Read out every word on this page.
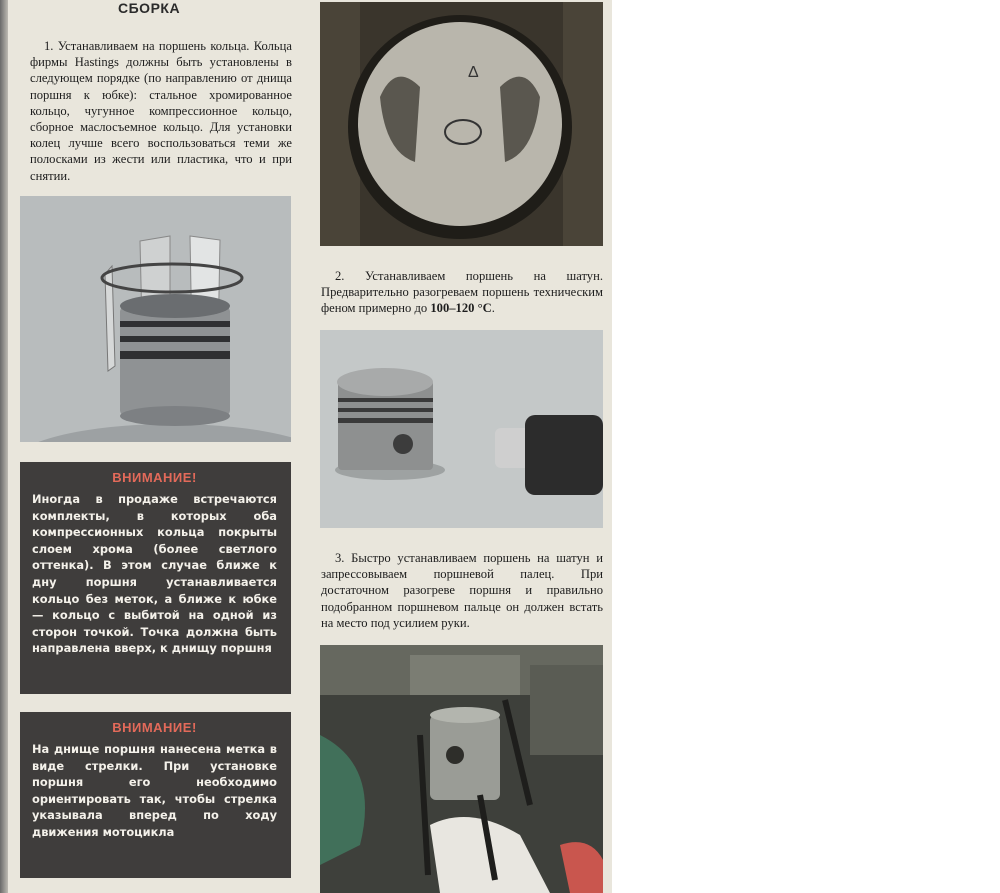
СБОРКА

1. Устанавливаем на поршень кольца. Кольца фирмы Hastings должны быть установлены в следующем порядке (по направлению от днища поршня к юбке): стальное хромированное кольцо, чугунное компрессионное кольцо, сборное маслосъемное кольцо. Для установки колец лучше всего воспользоваться теми же полосками из жести или пластика, что и при снятии.

ВНИМАНИЕ!

Иногда в продаже встречаются комплекты, в которых оба компрессионных кольца покрыты слоем хрома (более светлого оттенка). В этом случае ближе к дну поршня устанавливается кольцо без меток, а ближе к юбке — кольцо с выбитой на одной из сторон точкой. Точка должна быть направлена вверх, к днищу поршня

ВНИМАНИЕ!

На днище поршня нанесена метка в виде стрелки. При установке поршня его необходимо ориентировать так, чтобы стрелка указывала вперед по ходу движения мотоцикла

Δ

2. Устанавливаем поршень на шатун. Предварительно разогреваем поршень техническим феном примерно до 100–120 °С.

3. Быстро устанавливаем поршень на шатун и запрессовываем поршневой палец. При достаточном разогреве поршня и правильно подобранном поршневом пальце он должен встать на место под усилием руки.
